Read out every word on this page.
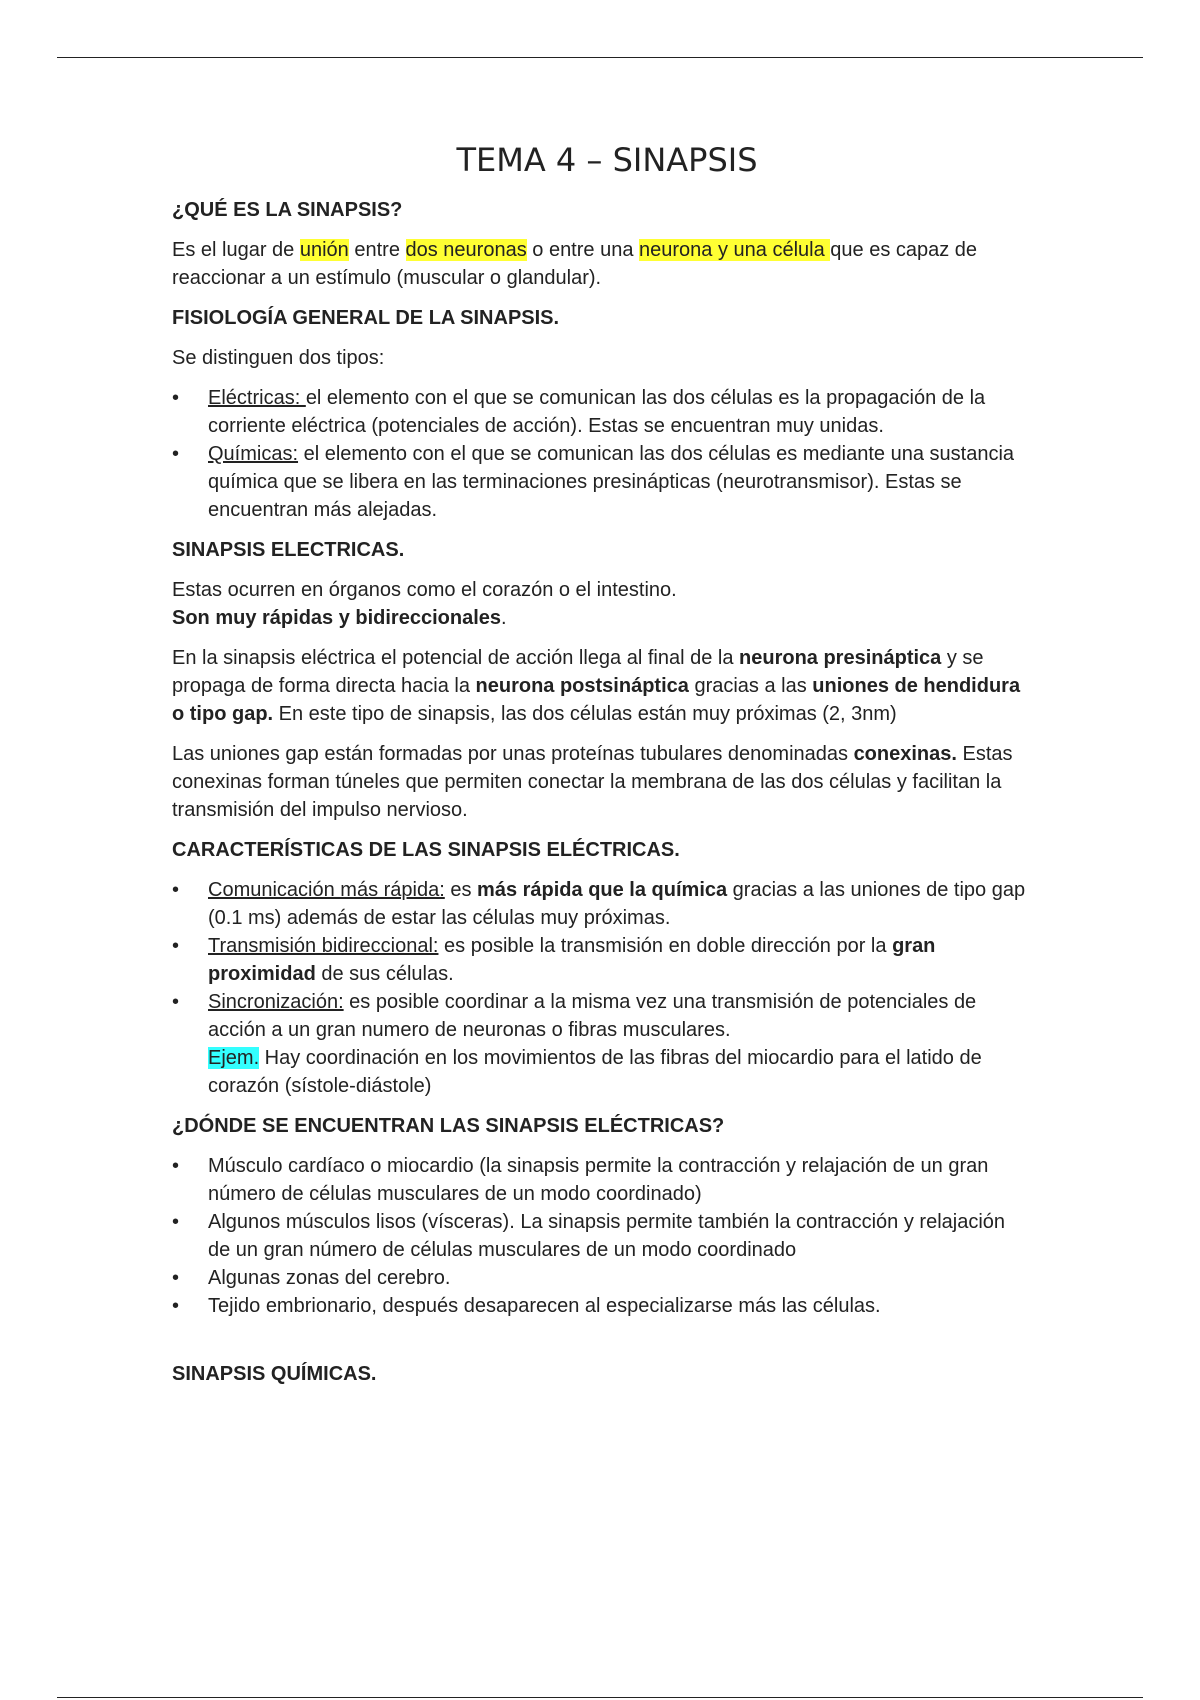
TEMA 4 – SINAPSIS
¿QUÉ ES LA SINAPSIS?

Es el lugar de unión entre dos neuronas o entre una neurona y una célula que es capaz de reaccionar a un estímulo (muscular o glandular).

FISIOLOGÍA GENERAL DE LA SINAPSIS.

Se distinguen dos tipos:

• Eléctricas: el elemento con el que se comunican las dos células es la propagación de la corriente eléctrica (potenciales de acción). Estas se encuentran muy unidas.
• Químicas: el elemento con el que se comunican las dos células es mediante una sustancia química que se libera en las terminaciones presinápticas (neurotransmisor). Estas se encuentran más alejadas.
SINAPSIS ELECTRICAS.

Estas ocurren en órganos como el corazón o el intestino.
Son muy rápidas y bidireccionales.

En la sinapsis eléctrica el potencial de acción llega al final de la neurona presináptica y se propaga de forma directa hacia la neurona postsináptica gracias a las uniones de hendidura o tipo gap. En este tipo de sinapsis, las dos células están muy próximas (2, 3nm)

Las uniones gap están formadas por unas proteínas tubulares denominadas conexinas. Estas conexinas forman túneles que permiten conectar la membrana de las dos células y facilitan la transmisión del impulso nervioso.

CARACTERÍSTICAS DE LAS SINAPSIS ELÉCTRICAS.
• Comunicación más rápida: es más rápida que la química gracias a las uniones de tipo gap (0.1 ms) además de estar las células muy próximas.
• Transmisión bidireccional: es posible la transmisión en doble dirección por la gran proximidad de sus células.
• Sincronización: es posible coordinar a la misma vez una transmisión de potenciales de acción a un gran numero de neuronas o fibras musculares.
Ejem. Hay coordinación en los movimientos de las fibras del miocardio para el latido de corazón (sístole-diástole)
¿DÓNDE SE ENCUENTRAN LAS SINAPSIS ELÉCTRICAS?
• Músculo cardíaco o miocardio (la sinapsis permite la contracción y relajación de un gran número de células musculares de un modo coordinado)
• Algunos músculos lisos (vísceras). La sinapsis permite también la contracción y relajación de un gran número de células musculares de un modo coordinado
• Algunas zonas del cerebro.
• Tejido embrionario, después desaparecen al especializarse más las células.
SINAPSIS QUÍMICAS.
